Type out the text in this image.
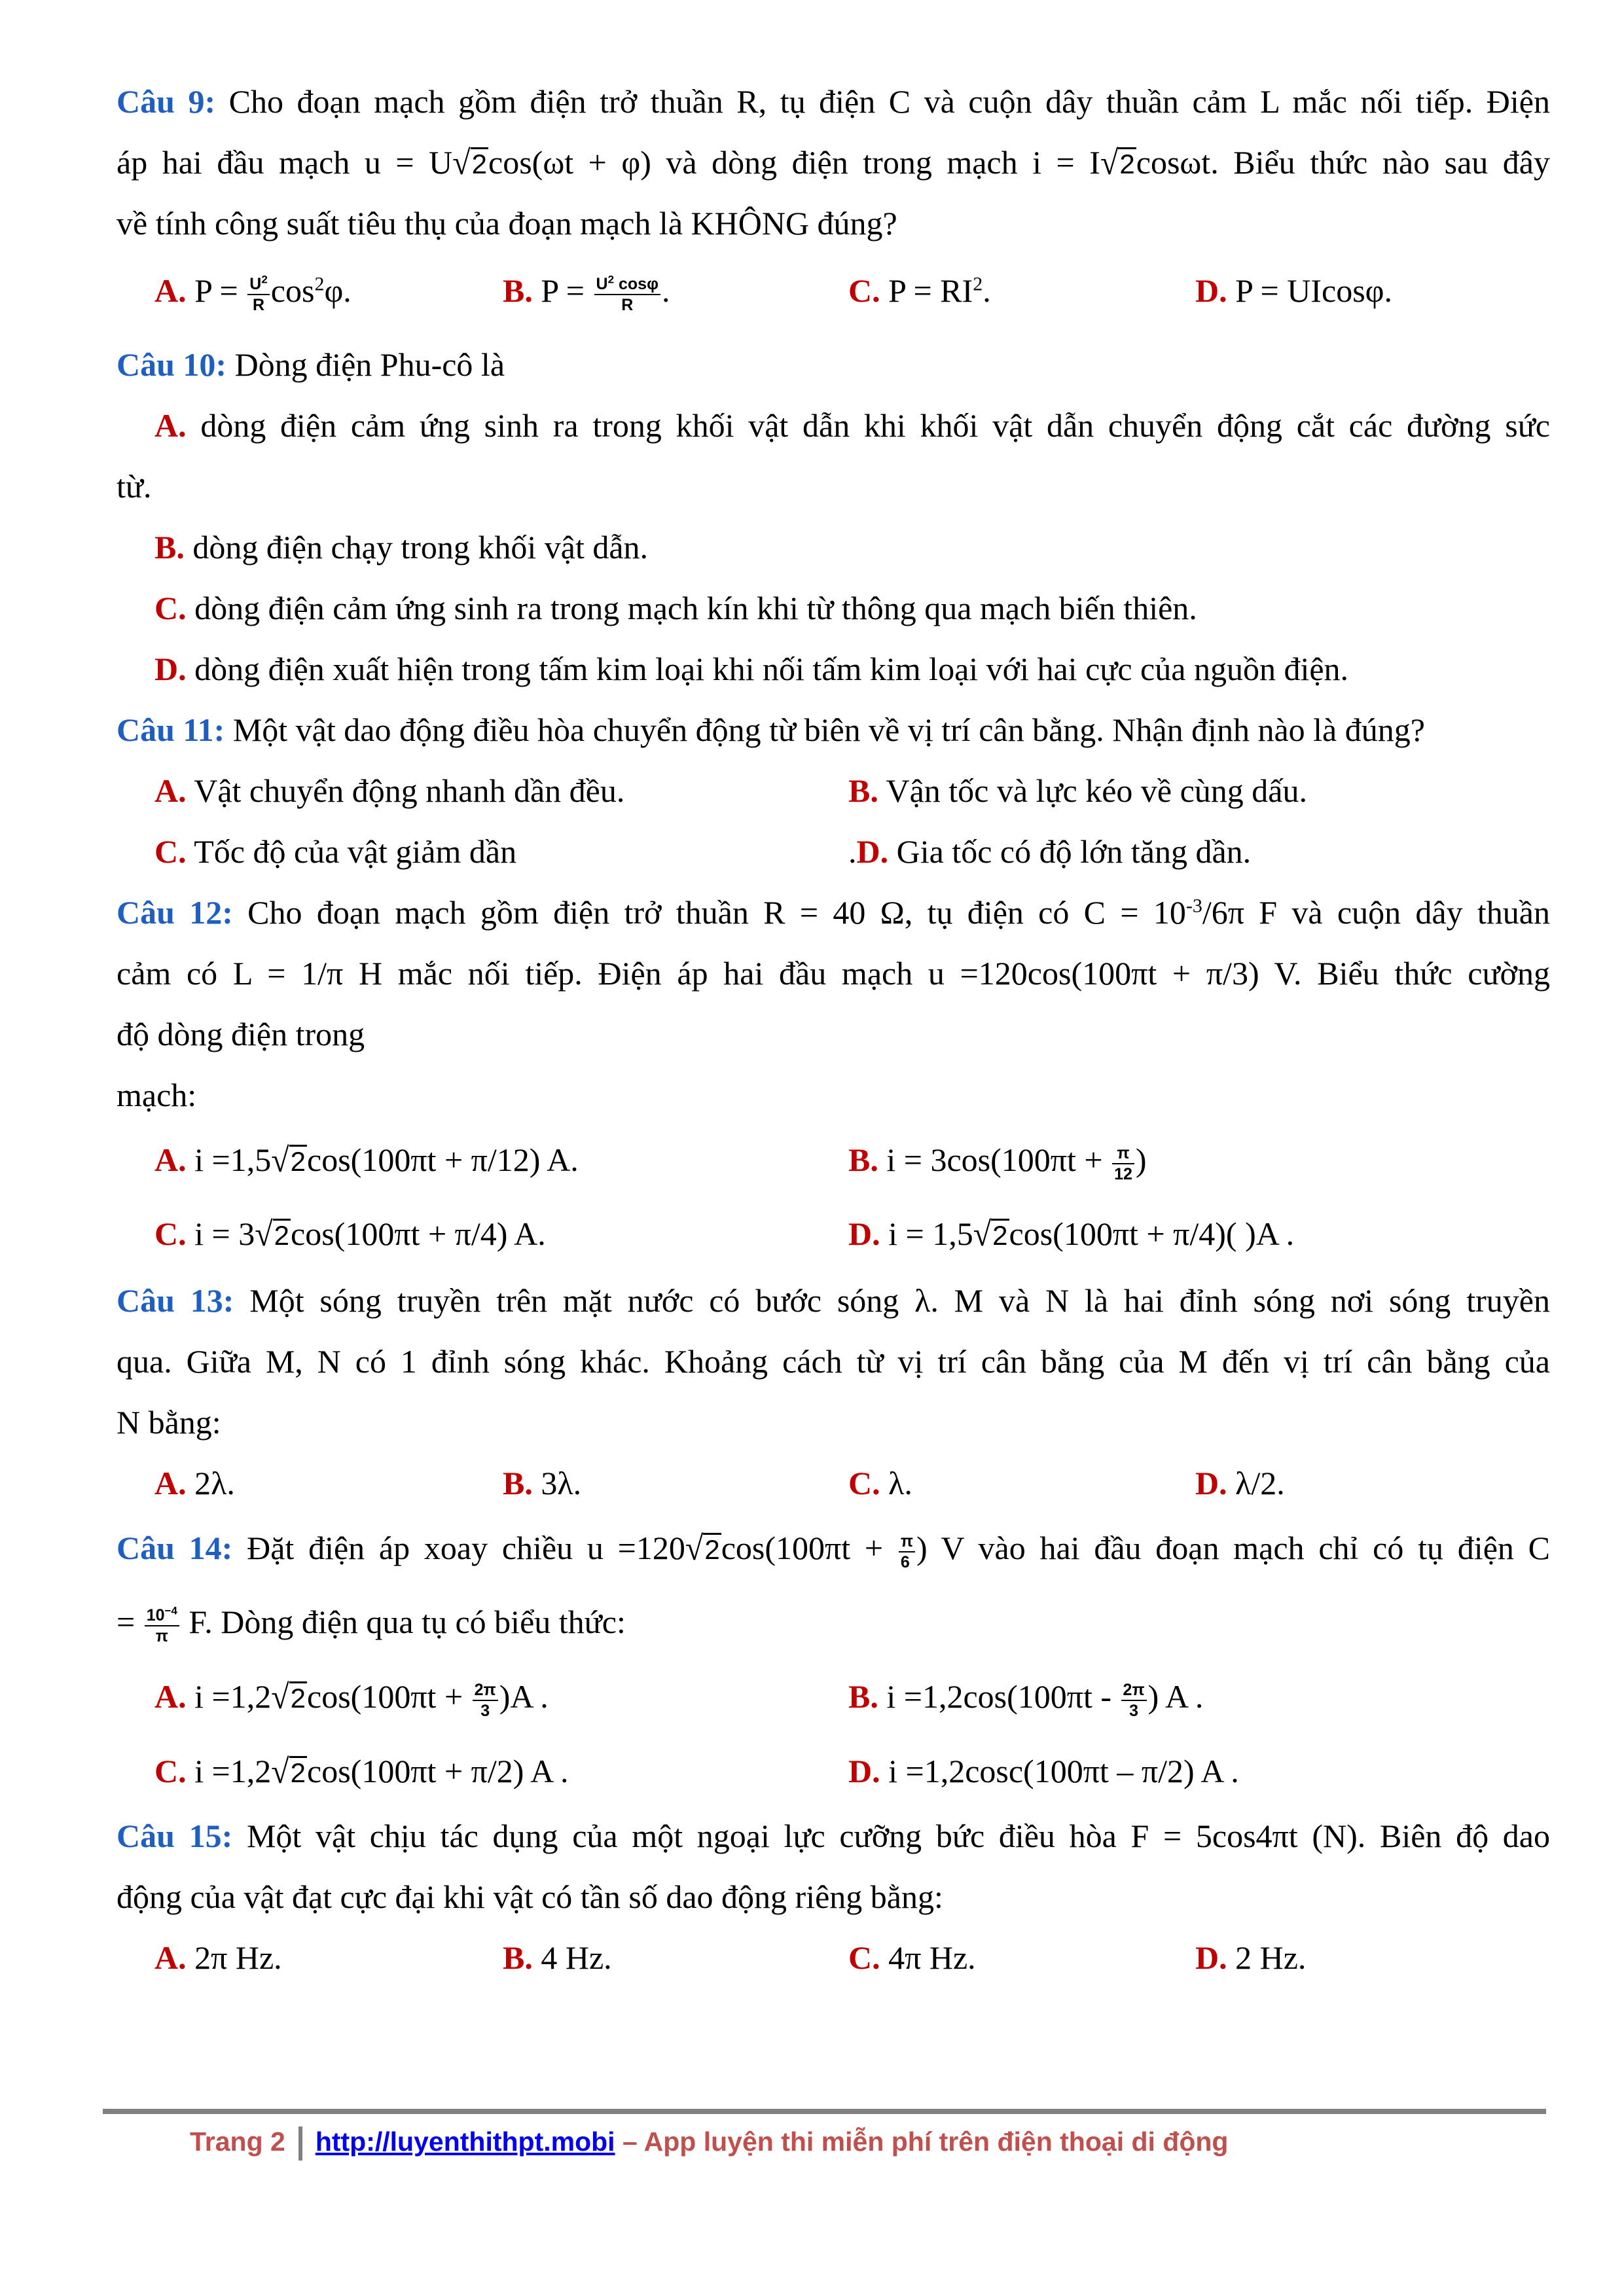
Câu 9: Cho đoạn mạch gồm điện trở thuần R, tụ điện C và cuộn dây thuần cảm L mắc nối tiếp. Điện
áp hai đầu mạch u = U√2cos(ωt + φ) và dòng điện trong mạch i = I√2cosωt. Biểu thức nào sau đây
về tính công suất tiêu thụ của đoạn mạch là KHÔNG đúng?
A. $P = \frac{U^2}{R} \cos^2\varphi$.	B. $P = \frac{U^2 \cos\varphi}{R}$ .	C. $P = RI^2$.	D. P = UIcosφ.
Câu 10: Dòng điện Phu-cô là
A. dòng điện cảm ứng sinh ra trong khối vật dẫn khi khối vật dẫn chuyển động cắt các đường sức
từ.
B. dòng điện chạy trong khối vật dẫn.
C. dòng điện cảm ứng sinh ra trong mạch kín khi từ thông qua mạch biến thiên.
D. dòng điện xuất hiện trong tấm kim loại khi nối tấm kim loại với hai cực của nguồn điện.
Câu 11: Một vật dao động điều hòa chuyển động từ biên về vị trí cân bằng. Nhận định nào là đúng?
A. Vật chuyển động nhanh dần đều.	B. Vận tốc và lực kéo về cùng dấu.
C. Tốc độ của vật giảm dần	.D. Gia tốc có độ lớn tăng dần.
Câu 12: Cho đoạn mạch gồm điện trở thuần R = 40 Ω, tụ điện có $C = 10^{-3}/6\pi$ F và cuộn dây thuần
cảm có L = 1/π H mắc nối tiếp. Điện áp hai đầu mạch u =120cos(100πt + π/3) V. Biểu thức cường
độ dòng điện trong
mạch:
A. i =1,5√2cos(100πt + π/12) A.	B. $i = 3\cos(100\pi t + \frac{\pi}{12}$ )
C. i = 3√2cos(100πt + π/4) A.	D. i = 1,5√2cos(100πt + π/4)( )A .
Câu 13: Một sóng truyền trên mặt nước có bước sóng λ. M và N là hai đỉnh sóng nơi sóng truyền
qua. Giữa M, N có 1 đỉnh sóng khác. Khoảng cách từ vị trí cân bằng của M đến vị trí cân bằng của
N bằng:
A. 2λ.	B. 3λ.	C. λ.	D. λ/2.
Câu 14: Đặt điện áp xoay chiều $u =120√2\cos(100\pi t + \frac{\pi}{6}$ ) V vào hai đầu đoạn mạch chỉ có tụ điện C
= $\frac{10^{-4}}{\pi} F$. Dòng điện qua tụ có biểu thức:
A. $i =1,2√2\cos(100\pi t + \frac{2\pi}{3} )A$ .	B. $i =1,2\cos(100\pi t - \frac{2\pi}{3}$ ) A .
C. i =1,2√2cos(100πt + π/2) A .	D. i =1,2cosc(100πt – π/2) A .
Câu 15: Một vật chịu tác dụng của một ngoại lực cưỡng bức điều hòa F = 5cos4πt (N). Biên độ dao
động của vật đạt cực đại khi vật có tần số dao động riêng bằng:
A. 2π Hz.	B. 4 Hz.	C. 4π Hz.	D. 2 Hz.
Trang 2 http://luyenthithpt.mobi – App luyện thi miễn phí trên điện thoại di động
